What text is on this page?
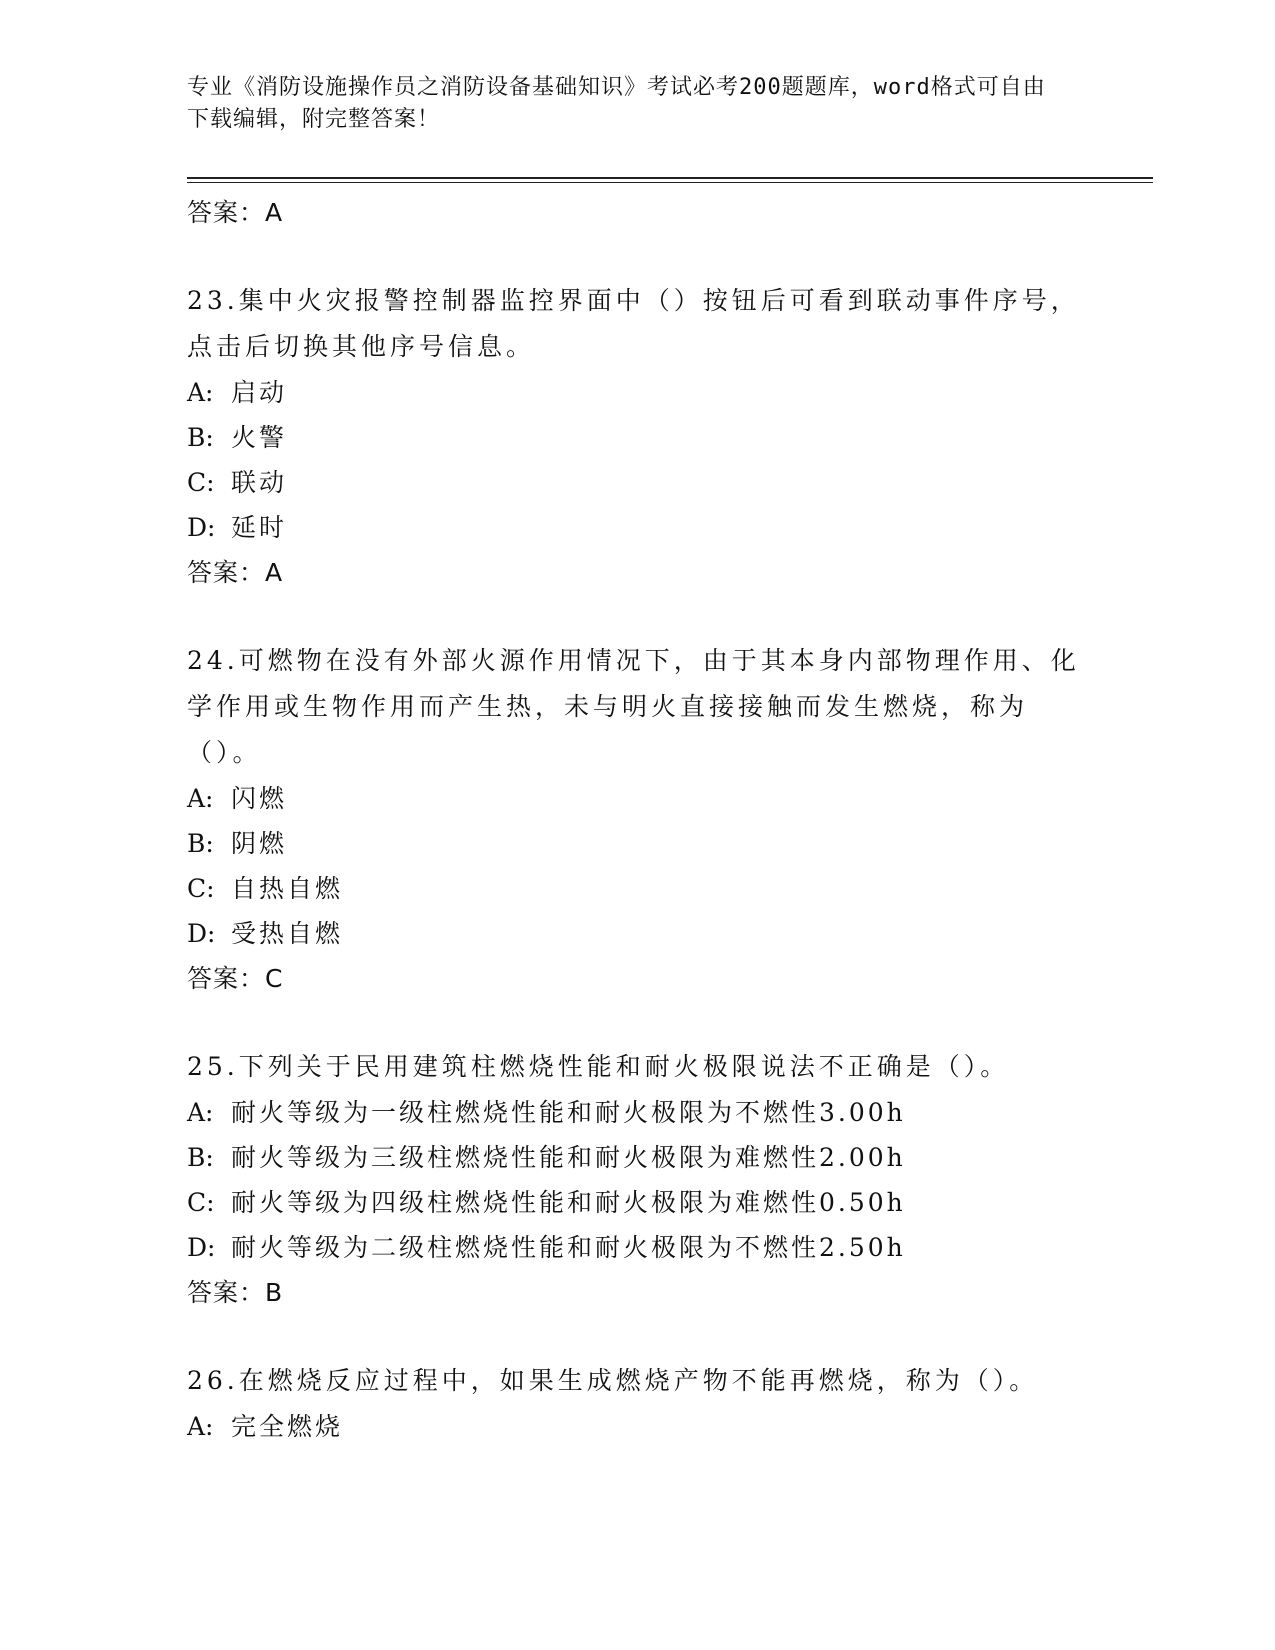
专业《消防设施操作员之消防设备基础知识》考试必考200题题库，word格式可自由下载编辑，附完整答案！
答案：A
23.集中火灾报警控制器监控界面中（）按钮后可看到联动事件序号，点击后切换其他序号信息。
A: 启动
B: 火警
C: 联动
D: 延时
答案：A
24.可燃物在没有外部火源作用情况下，由于其本身内部物理作用、化学作用或生物作用而产生热，未与明火直接接触而发生燃烧，称为（）。
A: 闪燃
B: 阴燃
C: 自热自燃
D: 受热自燃
答案：C
25.下列关于民用建筑柱燃烧性能和耐火极限说法不正确是（）。
A: 耐火等级为一级柱燃烧性能和耐火极限为不燃性3.00h
B: 耐火等级为三级柱燃烧性能和耐火极限为难燃性2.00h
C: 耐火等级为四级柱燃烧性能和耐火极限为难燃性0.50h
D: 耐火等级为二级柱燃烧性能和耐火极限为不燃性2.50h
答案：B
26.在燃烧反应过程中，如果生成燃烧产物不能再燃烧，称为（）。
A: 完全燃烧
